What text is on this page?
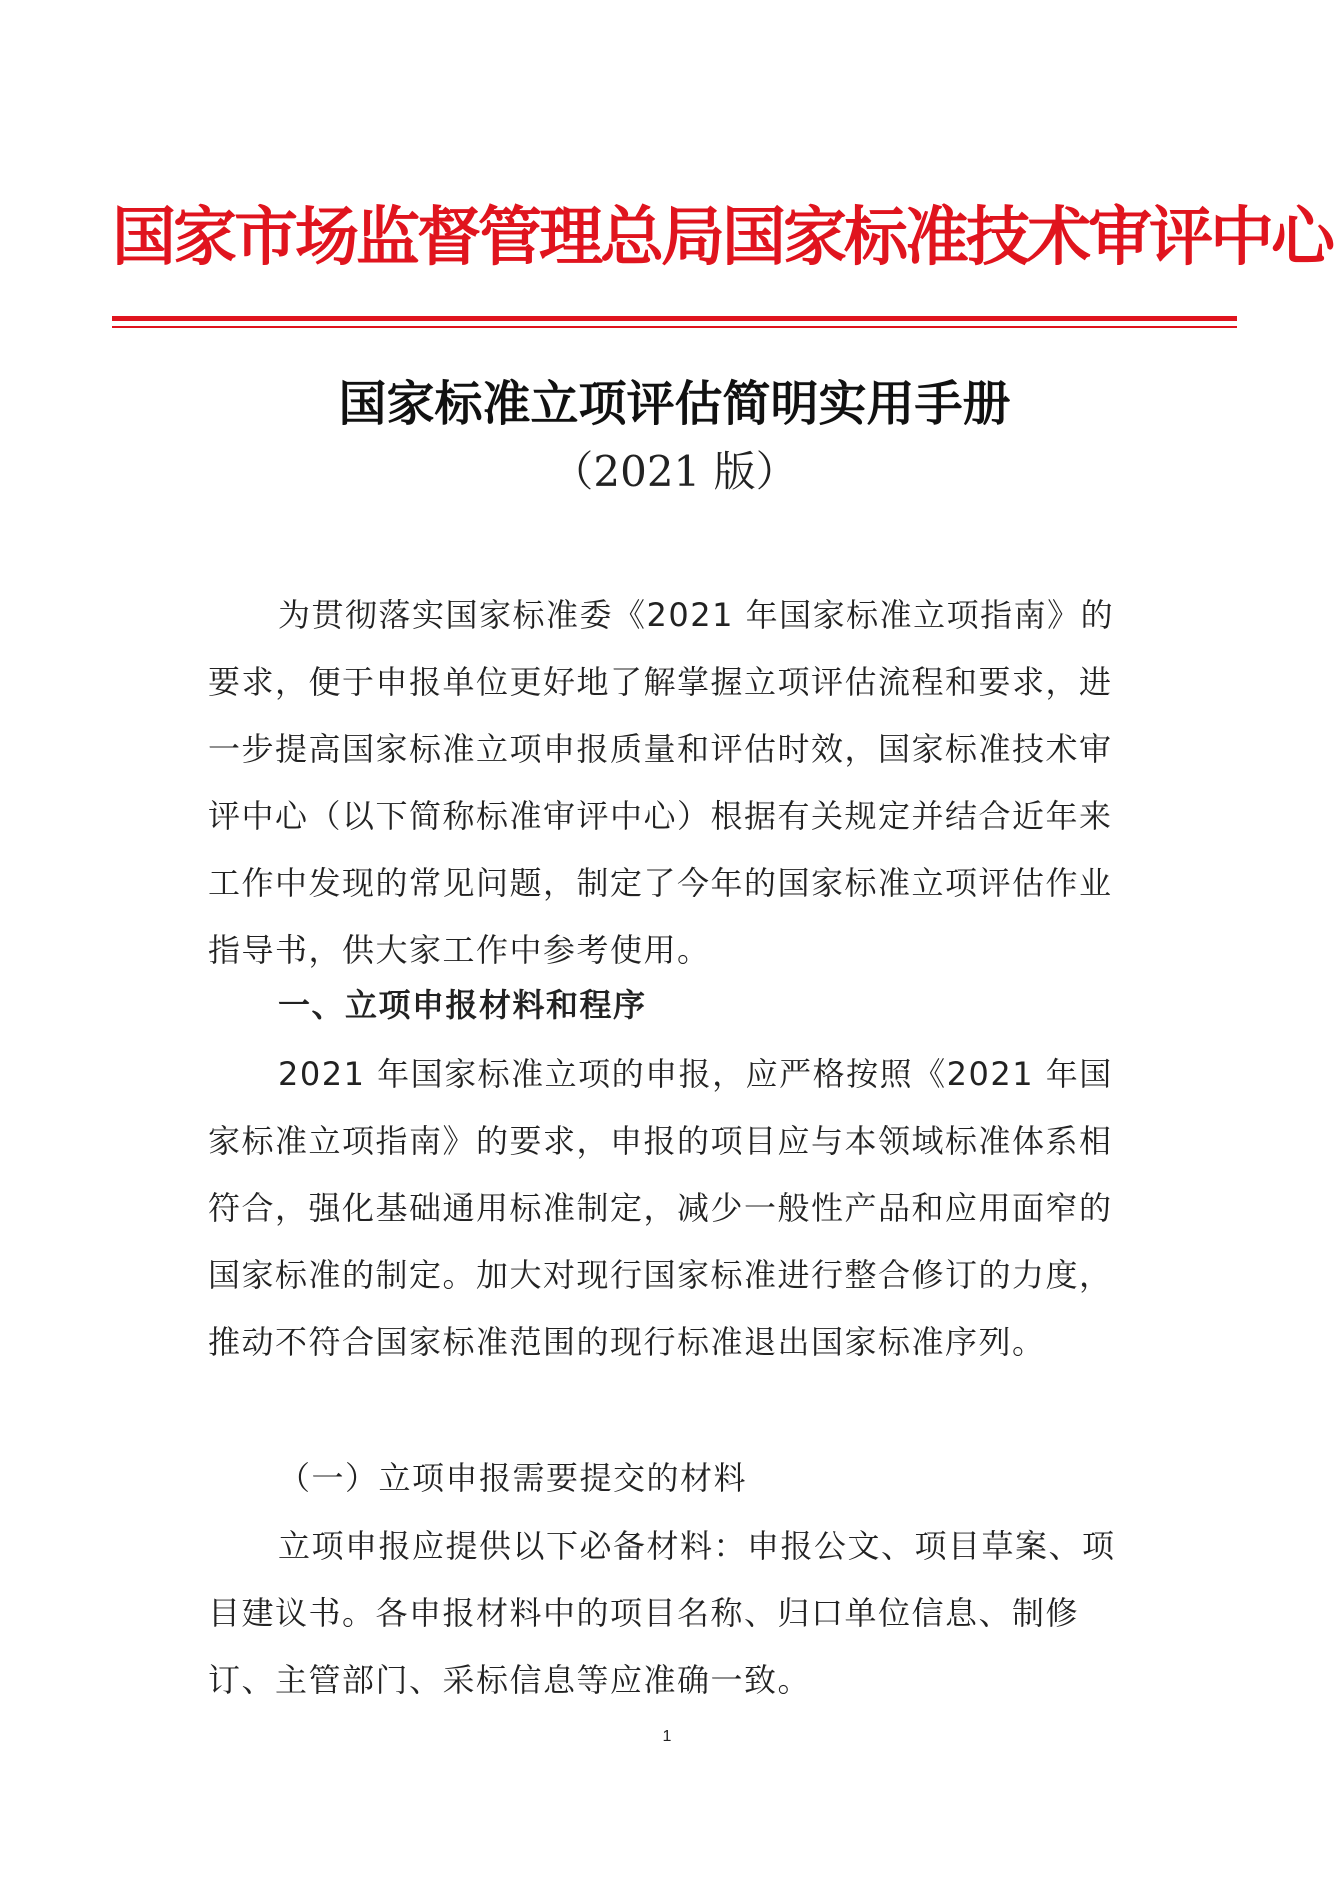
国家市场监督管理总局国家标准技术审评中心
国家标准立项评估简明实用手册
（2021 版）

为贯彻落实国家标准委《2021 年国家标准立项指南》的要求，便于申报单位更好地了解掌握立项评估流程和要求，进一步提高国家标准立项申报质量和评估时效，国家标准技术审评中心（以下简称标准审评中心）根据有关规定并结合近年来工作中发现的常见问题，制定了今年的国家标准立项评估作业指导书，供大家工作中参考使用。

一、立项申报材料和程序

2021 年国家标准立项的申报，应严格按照《2021 年国家标准立项指南》的要求，申报的项目应与本领域标准体系相符合，强化基础通用标准制定，减少一般性产品和应用面窄的国家标准的制定。加大对现行国家标准进行整合修订的力度，推动不符合国家标准范围的现行标准退出国家标准序列。

（一）立项申报需要提交的材料

立项申报应提供以下必备材料：申报公文、项目草案、项目建议书。各申报材料中的项目名称、归口单位信息、制修订、主管部门、采标信息等应准确一致。

1
